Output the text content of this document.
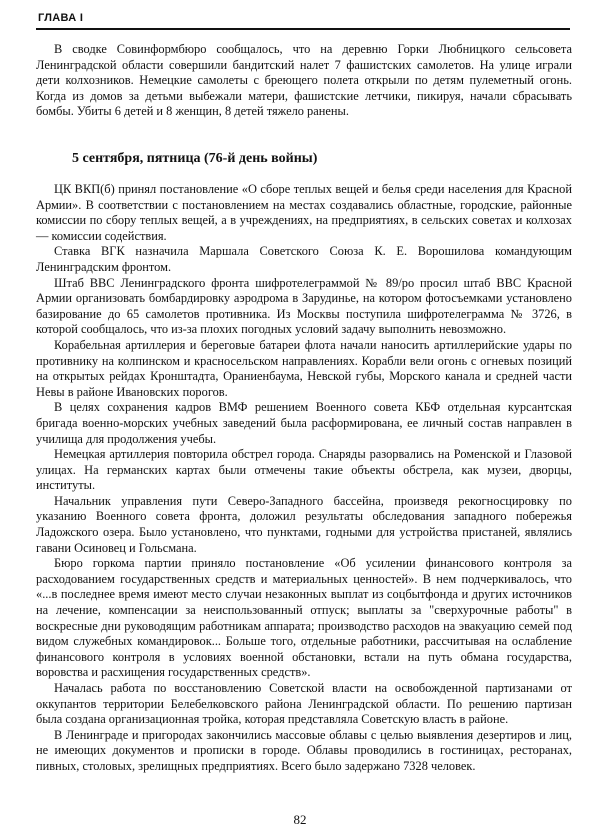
ГЛАВА I

В сводке Совинформбюро сообщалось, что на деревню Горки Любницкого сельсовета Ленинградской области совершили бандитский налет 7 фашистских самолетов. На улице играли дети колхозников. Немецкие самолеты с бреющего полета открыли по детям пулеметный огонь. Когда из домов за детьми выбежали матери, фашистские летчики, пикируя, начали сбрасывать бомбы. Убиты 6 детей и 8 женщин, 8 детей тяжело ранены.

5 сентября, пятница (76-й день войны)

ЦК ВКП(б) принял постановление «О сборе теплых вещей и белья среди населения для Красной Армии». В соответствии с постановлением на местах создавались областные, городские, районные комиссии по сбору теплых вещей, а в учреждениях, на предприятиях, в сельских советах и колхозах — комиссии содействия.

Ставка ВГК назначила Маршала Советского Союза К. Е. Ворошилова командующим Ленинградским фронтом.

Штаб ВВС Ленинградского фронта шифротелеграммой № 89/ро просил штаб ВВС Красной Армии организовать бомбардировку аэродрома в Зарудинье, на котором фотосъемками установлено базирование до 65 самолетов противника. Из Москвы поступила шифротелеграмма № 3726, в которой сообщалось, что из-за плохих погодных условий задачу выполнить невозможно.

Корабельная артиллерия и береговые батареи флота начали наносить артиллерийские удары по противнику на колпинском и красносельском направлениях. Корабли вели огонь с огневых позиций на открытых рейдах Кронштадта, Ораниенбаума, Невской губы, Морского канала и средней части Невы в районе Ивановских порогов.

В целях сохранения кадров ВМФ решением Военного совета КБФ отдельная курсантская бригада военно-морских учебных заведений была расформирована, ее личный состав направлен в училища для продолжения учебы.

Немецкая артиллерия повторила обстрел города. Снаряды разорвались на Роменской и Глазовой улицах. На германских картах были отмечены такие объекты обстрела, как музеи, дворцы, институты.

Начальник управления пути Северо-Западного бассейна, произведя рекогносцировку по указанию Военного совета фронта, доложил результаты обследования западного побережья Ладожского озера. Было установлено, что пунктами, годными для устройства пристаней, являлись гавани Осиновец и Гольсмана.

Бюро горкома партии приняло постановление «Об усилении финансового контроля за расходованием государственных средств и материальных ценностей». В нем подчеркивалось, что «...в последнее время имеют место случаи незаконных выплат из соцбытфонда и других источников на лечение, компенсации за неиспользованный отпуск; выплаты за "сверхурочные работы" в воскресные дни руководящим работникам аппарата; производство расходов на эвакуацию семей под видом служебных командировок... Больше того, отдельные работники, рассчитывая на ослабление финансового контроля в условиях военной обстановки, встали на путь обмана государства, воровства и расхищения государственных средств».

Началась работа по восстановлению Советской власти на освобожденной партизанами от оккупантов территории Белебелковского района Ленинградской области. По решению партизан была создана организационная тройка, которая представляла Советскую власть в районе.

В Ленинграде и пригородах закончились массовые облавы с целью выявления дезертиров и лиц, не имеющих документов и прописки в городе. Облавы проводились в гостиницах, ресторанах, пивных, столовых, зрелищных предприятиях. Всего было задержано 7328 человек.

82
